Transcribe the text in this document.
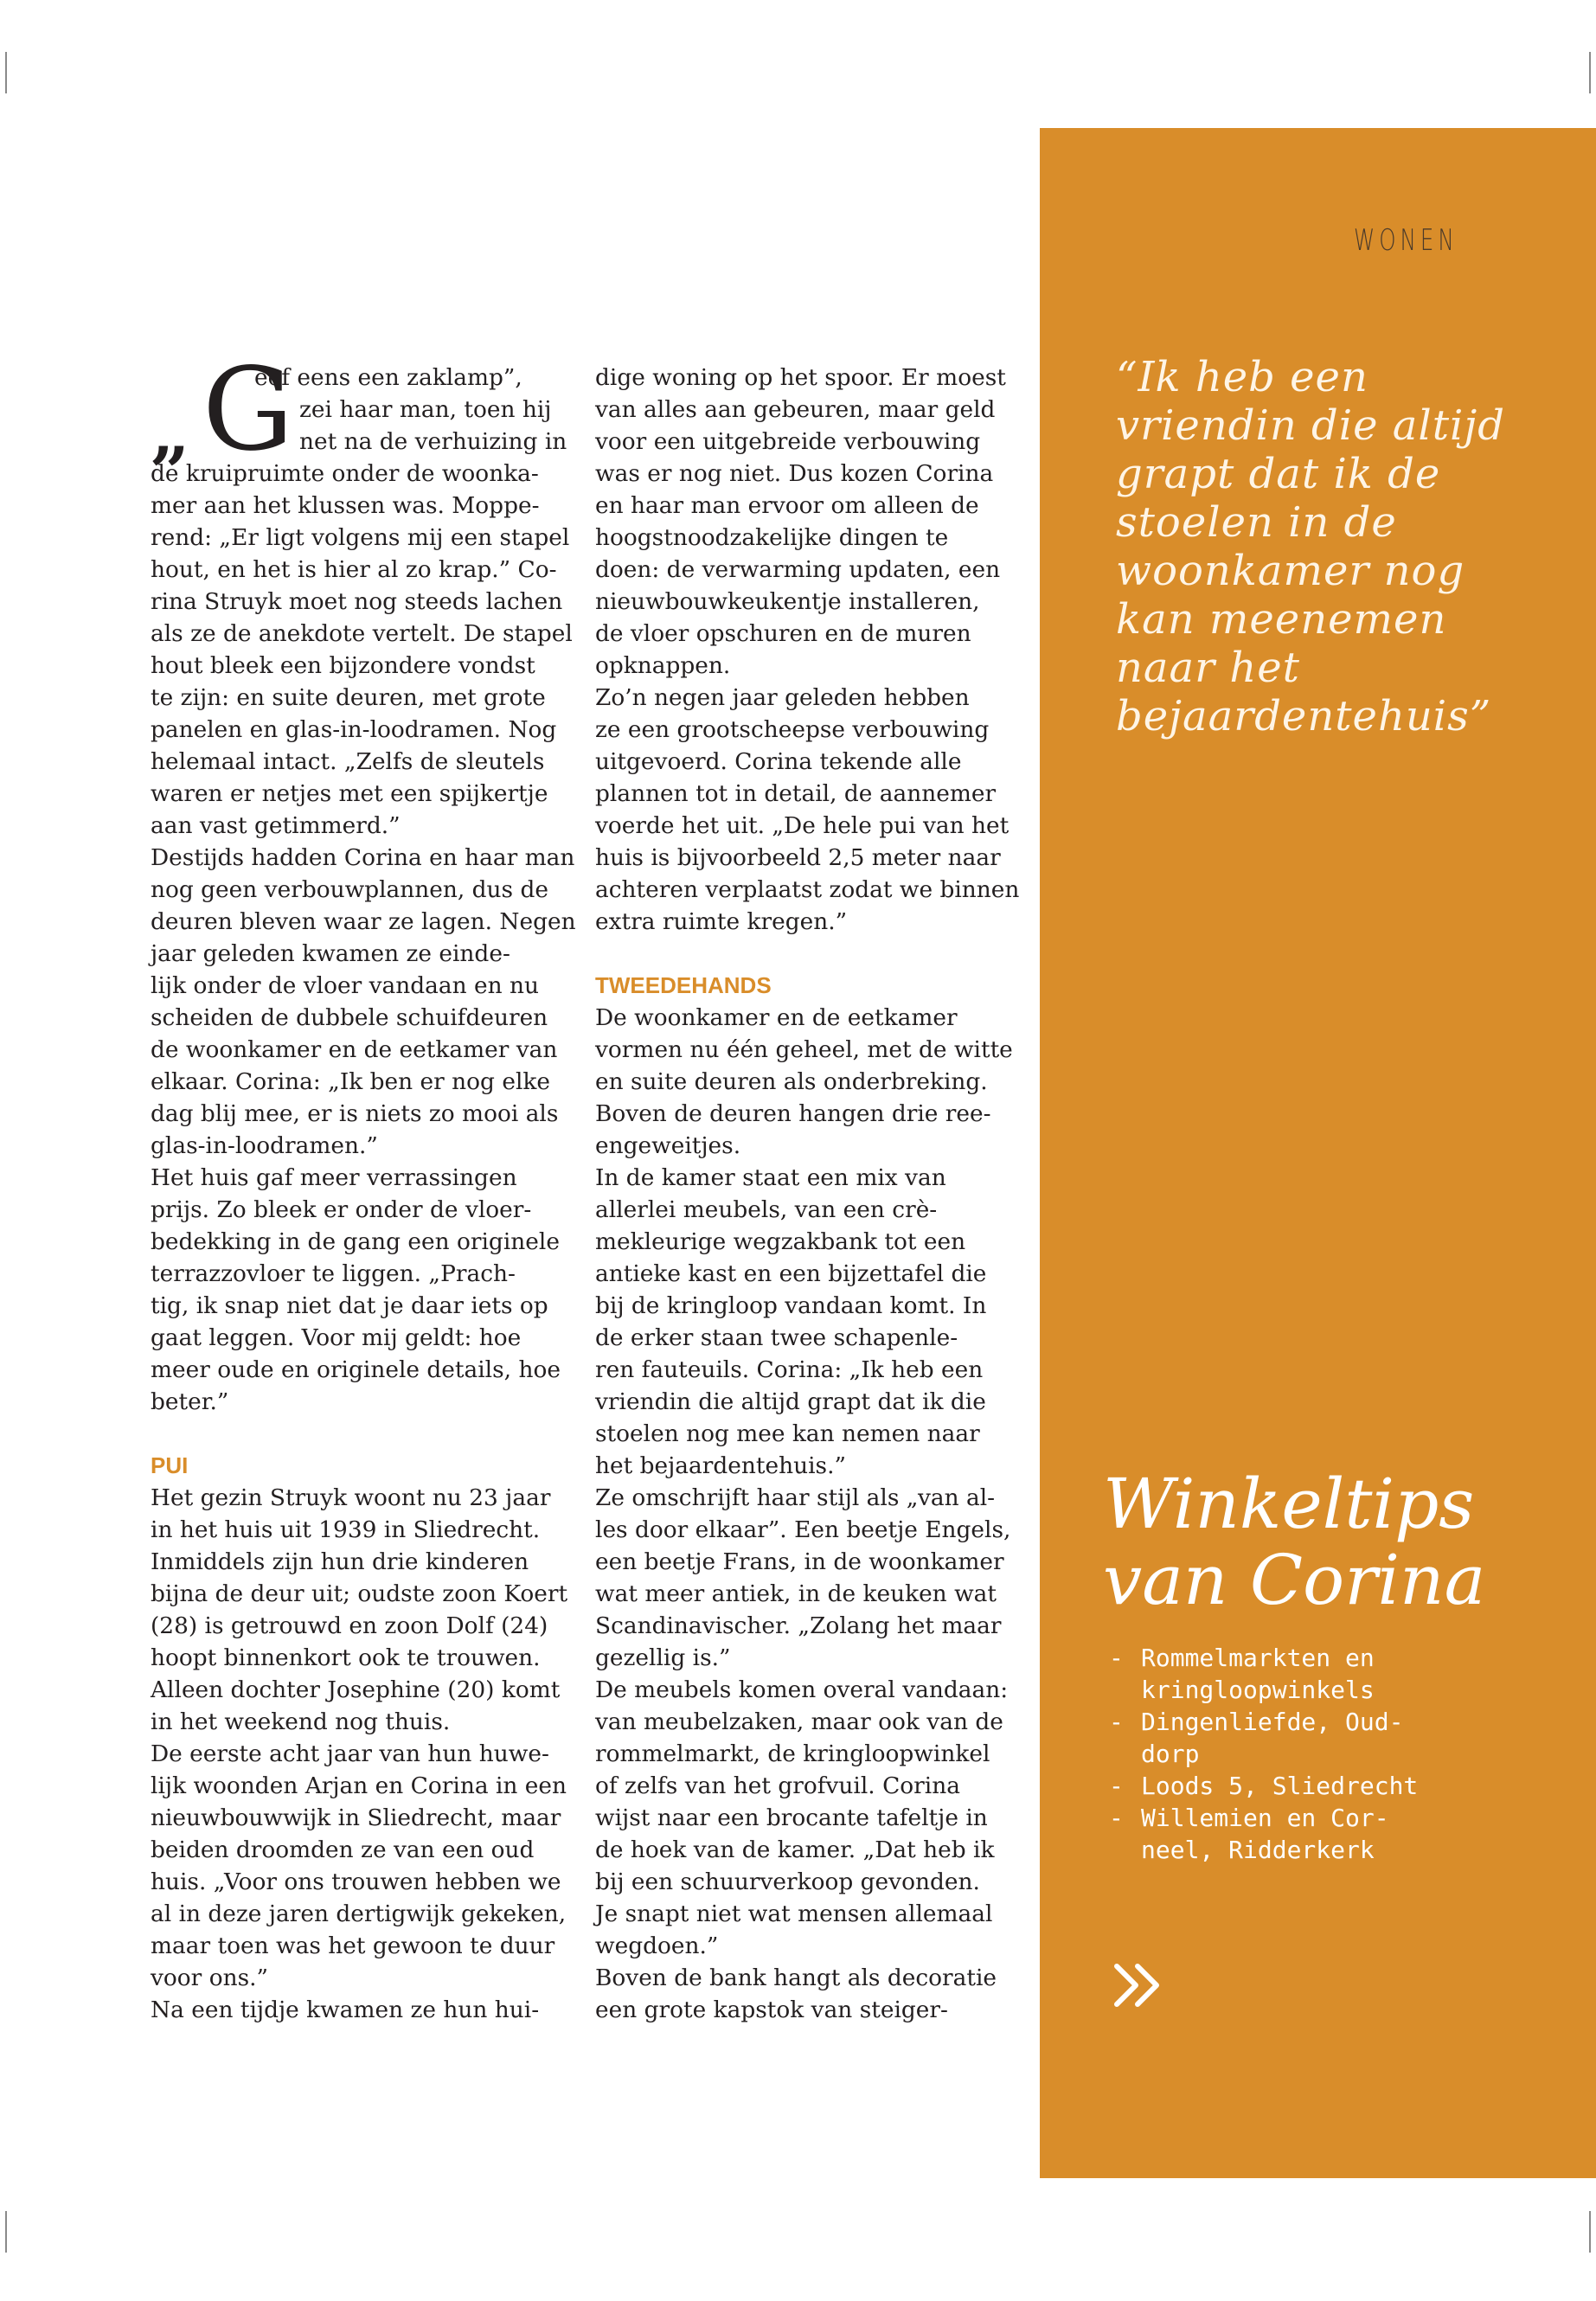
WONEN
“Ik heb een vriendin die altijd grapt dat ik de stoelen in de woonkamer nog kan meenemen naar het bejaardentehuis”
„ G
eef eens een zaklamp”,
zei haar man, toen hij
net na de verhuizing in

de kruipruimte onder de woonka-
mer aan het klussen was. Moppe-
rend: „Er ligt volgens mij een stapel
hout, en het is hier al zo krap.” Co-
rina Struyk moet nog steeds lachen
als ze de anekdote vertelt. De stapel
hout bleek een bijzondere vondst
te zijn: en suite deuren, met grote
panelen en glas-in-loodramen. Nog
helemaal intact. „Zelfs de sleutels
waren er netjes met een spijkertje
aan vast getimmerd.”

Destijds hadden Corina en haar man
nog geen verbouwplannen, dus de
deuren bleven waar ze lagen. Negen
jaar geleden kwamen ze einde-
lijk onder de vloer vandaan en nu
scheiden de dubbele schuifdeuren
de woonkamer en de eetkamer van
elkaar. Corina: „Ik ben er nog elke
dag blij mee, er is niets zo mooi als
glas-in-loodramen.”

Het huis gaf meer verrassingen
prijs. Zo bleek er onder de vloer-
bedekking in de gang een originele
terrazzovloer te liggen. „Prach-
tig, ik snap niet dat je daar iets op
gaat leggen. Voor mij geldt: hoe
meer oude en originele details, hoe
beter.”

PUI

Het gezin Struyk woont nu 23 jaar
in het huis uit 1939 in Sliedrecht.
Inmiddels zijn hun drie kinderen
bijna de deur uit; oudste zoon Koert
(28) is getrouwd en zoon Dolf (24)
hoopt binnenkort ook te trouwen.
Alleen dochter Josephine (20) komt
in het weekend nog thuis.

De eerste acht jaar van hun huwe-
lijk woonden Arjan en Corina in een
nieuwbouwwijk in Sliedrecht, maar
beiden droomden ze van een oud
huis. „Voor ons trouwen hebben we
al in deze jaren dertigwijk gekeken,
maar toen was het gewoon te duur
voor ons.”

Na een tijdje kwamen ze hun hui-

dige woning op het spoor. Er moest
van alles aan gebeuren, maar geld
voor een uitgebreide verbouwing
was er nog niet. Dus kozen Corina
en haar man ervoor om alleen de
hoogstnoodzakelijke dingen te
doen: de verwarming updaten, een
nieuwbouwkeukentje installeren,
de vloer opschuren en de muren
opknappen.

Zo’n negen jaar geleden hebben
ze een grootscheepse verbouwing
uitgevoerd. Corina tekende alle
plannen tot in detail, de aannemer
voerde het uit. „De hele pui van het
huis is bijvoorbeeld 2,5 meter naar
achteren verplaatst zodat we binnen
extra ruimte kregen.”

TWEEDEHANDS

De woonkamer en de eetkamer
vormen nu één geheel, met de witte
en suite deuren als onderbreking.
Boven de deuren hangen drie ree-
engeweitjes.

In de kamer staat een mix van
allerlei meubels, van een crè-
mekleurige wegzakbank tot een
antieke kast en een bijzettafel die
bij de kringloop vandaan komt. In
de erker staan twee schapenle-
ren fauteuils. Corina: „Ik heb een
vriendin die altijd grapt dat ik die
stoelen nog mee kan nemen naar
het bejaardentehuis.”

Ze omschrijft haar stijl als „van al-
les door elkaar”. Een beetje Engels,
een beetje Frans, in de woonkamer
wat meer antiek, in de keuken wat
Scandinavischer. „Zolang het maar
gezellig is.”

De meubels komen overal vandaan:
van meubelzaken, maar ook van de
rommelmarkt, de kringloopwinkel
of zelfs van het grofvuil. Corina
wijst naar een brocante tafeltje in
de hoek van de kamer. „Dat heb ik
bij een schuurverkoop gevonden.
Je snapt niet wat mensen allemaal
wegdoen.”

Boven de bank hangt als decoratie
een grote kapstok van steiger-

Winkeltips
van Corina
- Rommelmarkten en
kringloopwinkels
- Dingenliefde, Oud-
dorp
- Loods 5, Sliedrecht
- Willemien en Cor-
neel, Ridderkerk
